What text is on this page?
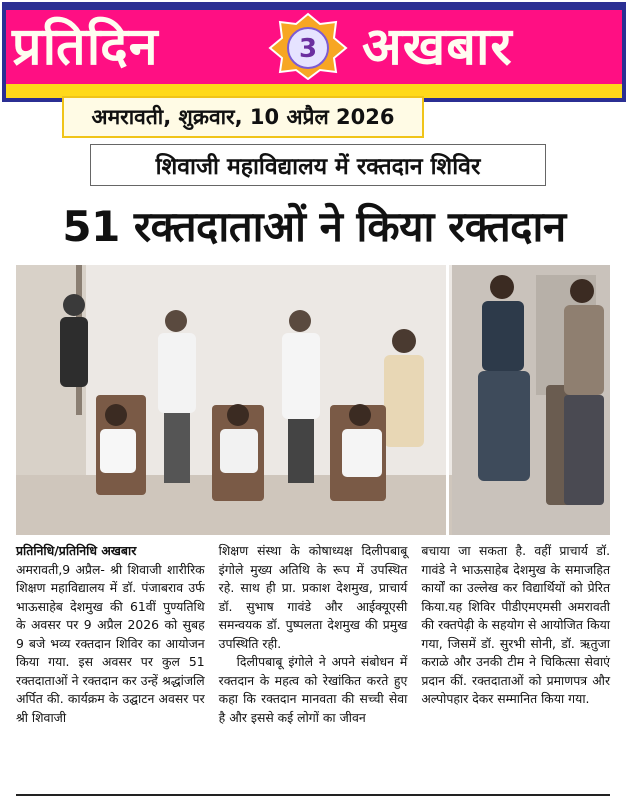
प्रतिदिन	3 अखबार
अमरावती, शुक्रवार, 10 अप्रैल 2026
शिवाजी महाविद्यालय में रक्तदान शिविर
51 रक्तदाताओं ने किया रक्तदान

प्रतिनिधि/प्रतिनिधि अखबार

अमरावती,9 अप्रैल- श्री शिवाजी शारीरिक शिक्षण महाविद्यालय में डॉ. पंजाबराव उर्फ भाऊसाहेब देशमुख की 61वीं पुण्यतिथि के अवसर पर 9 अप्रैल 2026 को सुबह 9 बजे भव्य रक्तदान शिविर का आयोजन किया गया. इस अवसर पर कुल 51 रक्तदाताओं ने रक्तदान कर उन्हें श्रद्धांजलि अर्पित की. कार्यक्रम के उद्घाटन अवसर पर श्री शिवाजी

शिक्षण संस्था के कोषाध्यक्ष दिलीपबाबू इंगोले मुख्य अतिथि के रूप में उपस्थित रहे. साथ ही प्रा. प्रकाश देशमुख, प्राचार्य डॉ. सुभाष गावंडे और आईक्यूएसी समन्वयक डॉ. पुष्पलता देशमुख की प्रमुख उपस्थिति रही.

दिलीपबाबू इंगोले ने अपने संबोधन में रक्तदान के महत्व को रेखांकित करते हुए कहा कि रक्तदान मानवता की सच्ची सेवा है और इससे कई लोगों का जीवन

बचाया जा सकता है. वहीं प्राचार्य डॉ. गावंडे ने भाऊसाहेब देशमुख के समाजहित कार्यों का उल्लेख कर विद्यार्थियों को प्रेरित किया.यह शिविर पीडीएमएमसी अमरावती की रक्तपेढ़ी के सहयोग से आयोजित किया गया, जिसमें डॉ. सुरभी सोनी, डॉ. ऋतुजा कराळे और उनकी टीम ने चिकित्सा सेवाएं प्रदान कीं. रक्तदाताओं को प्रमाणपत्र और अल्पोपहार देकर सम्मानित किया गया.
